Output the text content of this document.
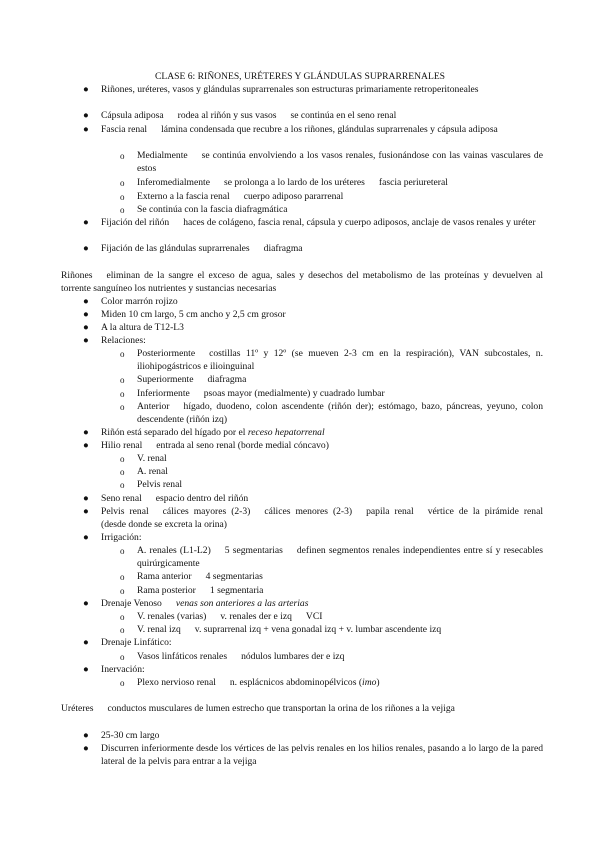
CLASE 6: RIÑONES, URÉTERES Y GLÁNDULAS SUPRARRENALES
●	Riñones, uréteres, vasos y glándulas suprarrenales son estructuras primariamente retroperitoneales
●	Cápsula adiposa rodea al riñón y sus vasos se continúa en el seno renal
●	Fascia renal lámina condensada que recubre a los riñones, glándulas suprarrenales y cápsula adiposa
o	Medialmente se continúa envolviendo a los vasos renales, fusionándose con las vainas vasculares de estos
o	Inferomedialmente se prolonga a lo lardo de los uréteres fascia periureteral
o	Externo a la fascia renal cuerpo adiposo pararrenal
o	Se continúa con la fascia diafragmática
●	Fijación del riñón haces de colágeno, fascia renal, cápsula y cuerpo adiposos, anclaje de vasos renales y uréter
●	Fijación de las glándulas suprarrenales diafragma
Riñones eliminan de la sangre el exceso de agua, sales y desechos del metabolismo de las proteínas y devuelven al torrente sanguíneo los nutrientes y sustancias necesarias
●	Color marrón rojizo
●	Miden 10 cm largo, 5 cm ancho y 2,5 cm grosor
●	A la altura de T12-L3
●	Relaciones:
o	Posteriormente costillas 11º y 12º (se mueven 2-3 cm en la respiración), VAN subcostales, n. iliohipogástricos e ilioinguinal
o	Superiormente diafragma
o	Inferiormente psoas mayor (medialmente) y cuadrado lumbar
o	Anterior hígado, duodeno, colon ascendente (riñón der); estómago, bazo, páncreas, yeyuno, colon descendente (riñón izq)
●	Riñón está separado del hígado por el receso hepatorrenal
●	Hilio renal entrada al seno renal (borde medial cóncavo)
o	V. renal
o	A. renal
o	Pelvis renal
●	Seno renal espacio dentro del riñón
●	Pelvis renal cálices mayores (2-3) cálices menores (2-3) papila renal vértice de la pirámide renal (desde donde se excreta la orina)
●	Irrigación:
o	A. renales (L1-L2) 5 segmentarias definen segmentos renales independientes entre sí y resecables quirúrgicamente
o	Rama anterior 4 segmentarias
o	Rama posterior 1 segmentaria
●	Drenaje Venoso venas son anteriores a las arterias
o	V. renales (varias) v. renales der e izq VCI
o	V. renal izq v. suprarrenal izq + vena gonadal izq + v. lumbar ascendente izq
●	Drenaje Linfático:
o	Vasos linfáticos renales nódulos lumbares der e izq
●	Inervación:
o	Plexo nervioso renal n. esplácnicos abdominopélvicos (imo)
Uréteres conductos musculares de lumen estrecho que transportan la orina de los riñones a la vejiga
●	25-30 cm largo
●	Discurren inferiormente desde los vértices de las pelvis renales en los hilios renales, pasando a lo largo de la pared lateral de la pelvis para entrar a la vejiga
